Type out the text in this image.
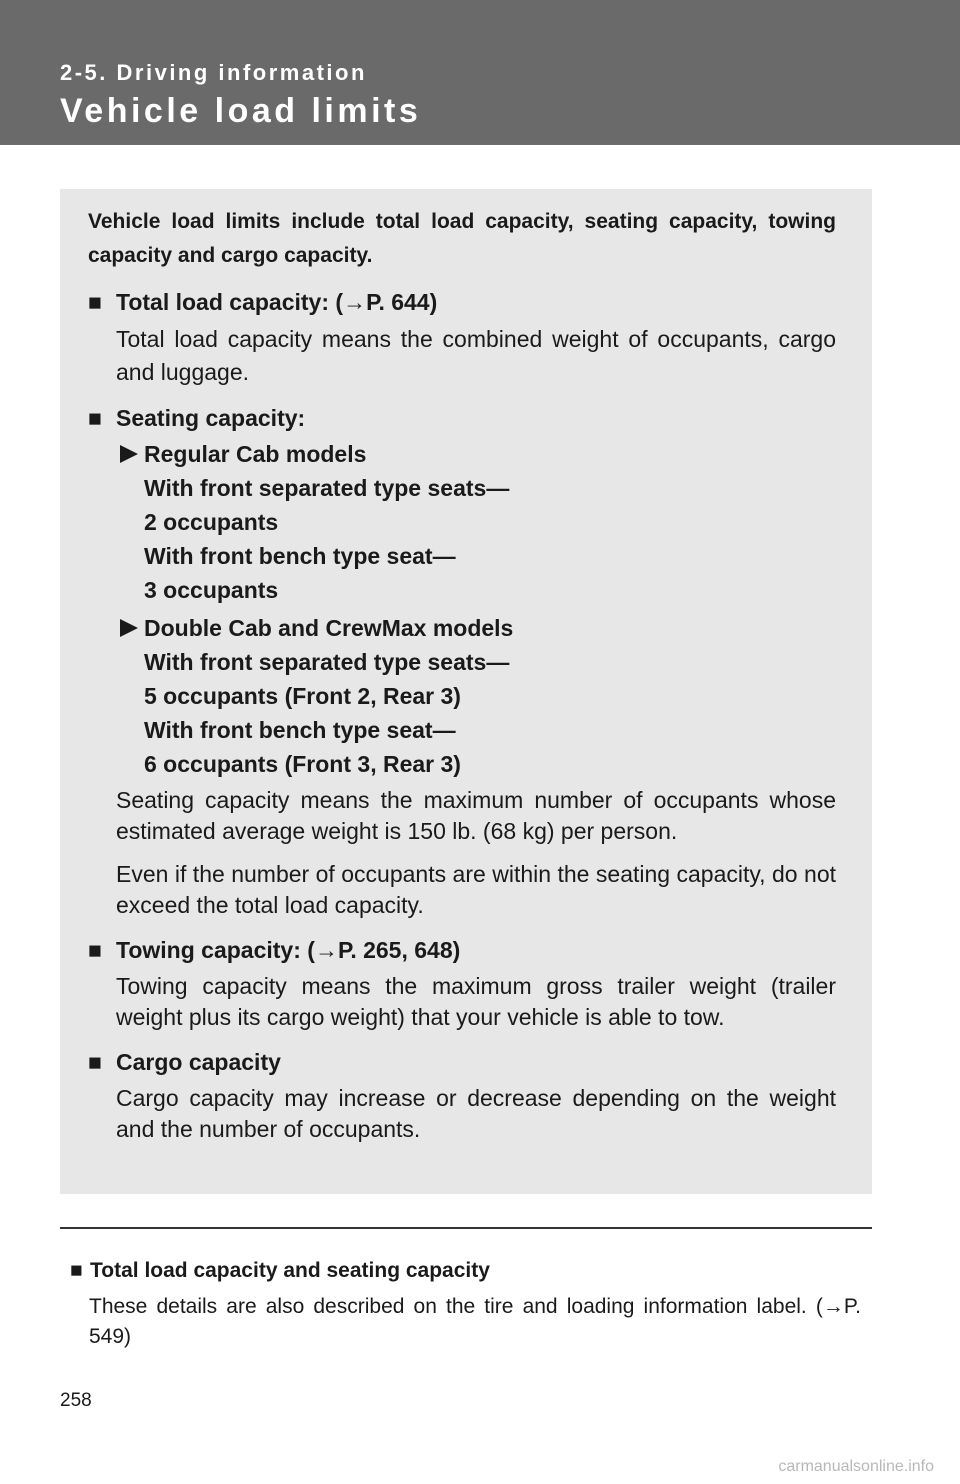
2-5. Driving information
Vehicle load limits

Vehicle load limits include total load capacity, seating capacity, towing capacity and cargo capacity.

■ Total load capacity: (→P. 644)

Total load capacity means the combined weight of occupants, cargo and luggage.

■ Seating capacity:

Regular Cab models

With front separated type seats—

2 occupants

With front bench type seat—

3 occupants

Double Cab and CrewMax models

With front separated type seats—

5 occupants (Front 2, Rear 3)

With front bench type seat—

6 occupants (Front 3, Rear 3)

Seating capacity means the maximum number of occupants whose estimated average weight is 150 lb. (68 kg) per person.

Even if the number of occupants are within the seating capacity, do not exceed the total load capacity.

■ Towing capacity: (→P. 265, 648)

Towing capacity means the maximum gross trailer weight (trailer weight plus its cargo weight) that your vehicle is able to tow.

■ Cargo capacity

Cargo capacity may increase or decrease depending on the weight and the number of occupants.

■ Total load capacity and seating capacity
These details are also described on the tire and loading information label. (→P. 549)
258
carmanualsonline.info
